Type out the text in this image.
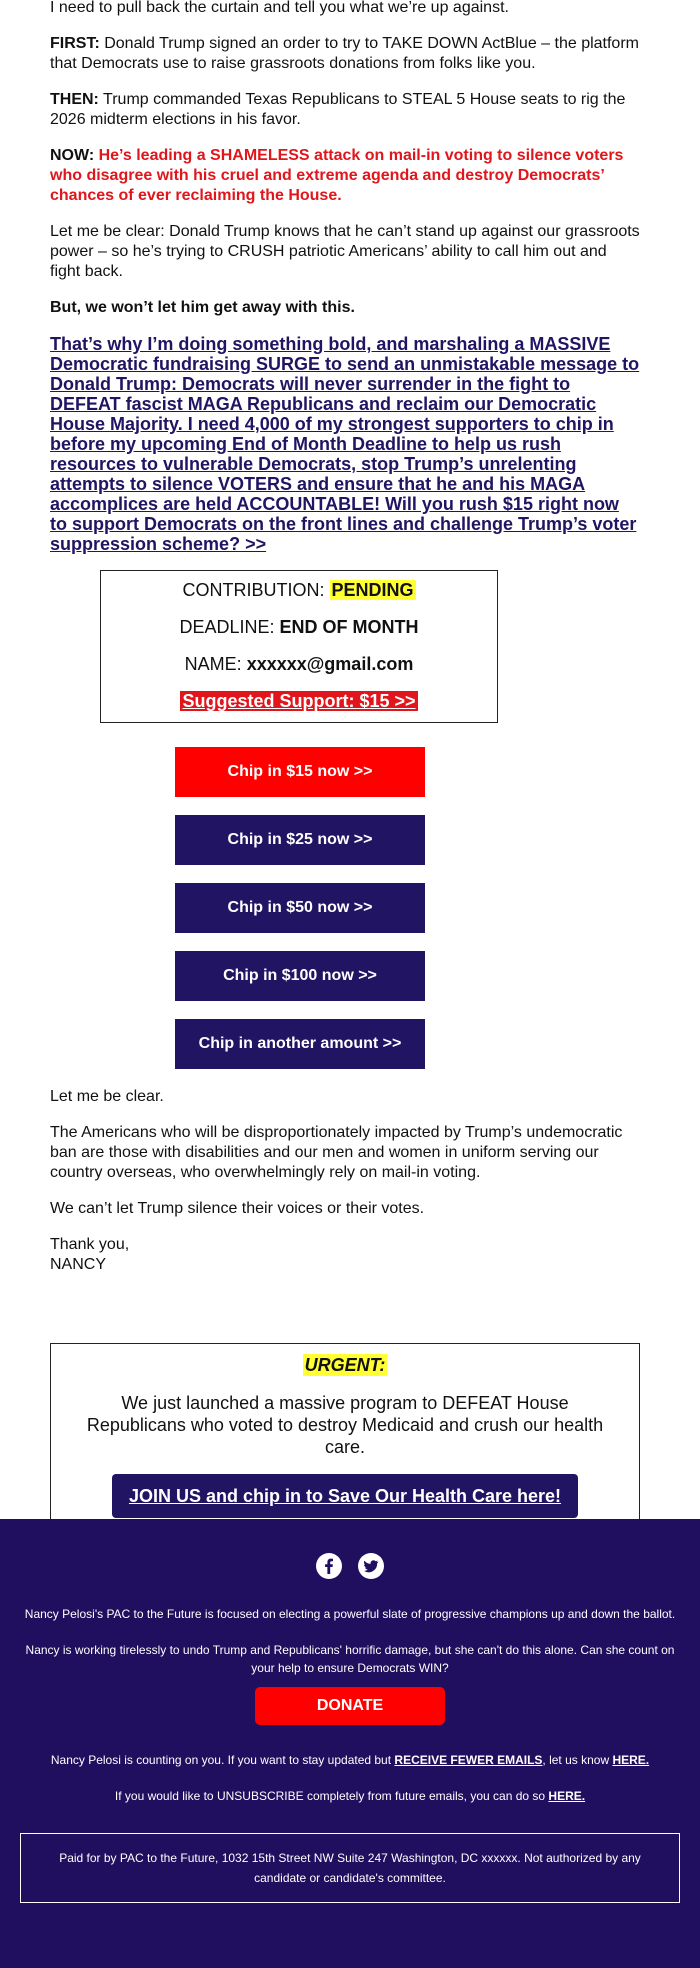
I need to pull back the curtain and tell you what we’re up against.

FIRST: Donald Trump signed an order to try to TAKE DOWN ActBlue – the platform that Democrats use to raise grassroots donations from folks like you.

THEN: Trump commanded Texas Republicans to STEAL 5 House seats to rig the 2026 midterm elections in his favor.

NOW: He’s leading a SHAMELESS attack on mail-in voting to silence voters who disagree with his cruel and extreme agenda and destroy Democrats’ chances of ever reclaiming the House.

Let me be clear: Donald Trump knows that he can’t stand up against our grassroots power – so he’s trying to CRUSH patriotic Americans’ ability to call him out and fight back.

But, we won’t let him get away with this.

That’s why I’m doing something bold, and marshaling a MASSIVE Democratic fundraising SURGE to send an unmistakable message to Donald Trump: Democrats will never surrender in the fight to DEFEAT fascist MAGA Republicans and reclaim our Democratic House Majority. I need 4,000 of my strongest supporters to chip in before my upcoming End of Month Deadline to help us rush resources to vulnerable Democrats, stop Trump’s unrelenting attempts to silence VOTERS and ensure that he and his MAGA accomplices are held ACCOUNTABLE! Will you rush $15 right now to support Democrats on the front lines and challenge Trump’s voter suppression scheme? >>

CONTRIBUTION: PENDING
DEADLINE: END OF MONTH
NAME: xxxxxx@gmail.com
Suggested Support: $15 >>
Chip in $15 now >>
Chip in $25 now >>
Chip in $50 now >>
Chip in $100 now >>
Chip in another amount >>

Let me be clear.

The Americans who will be disproportionately impacted by Trump’s undemocratic ban are those with disabilities and our men and women in uniform serving our country overseas, who overwhelmingly rely on mail-in voting.

We can’t let Trump silence their voices or their votes.

Thank you,

NANCY

URGENT:
We just launched a massive program to DEFEAT House Republicans who voted to destroy Medicaid and crush our health care.
JOIN US and chip in to Save Our Health Care here!

Nancy Pelosi's PAC to the Future is focused on electing a powerful slate of progressive champions up and down the ballot.

Nancy is working tirelessly to undo Trump and Republicans' horrific damage, but she can't do this alone. Can she count on your help to ensure Democrats WIN?

DONATE

Nancy Pelosi is counting on you. If you want to stay updated but RECEIVE FEWER EMAILS, let us know HERE.

If you would like to UNSUBSCRIBE completely from future emails, you can do so HERE.

Paid for by PAC to the Future, 1032 15th Street NW Suite 247 Washington, DC xxxxxx. Not authorized by any candidate or candidate's committee.
